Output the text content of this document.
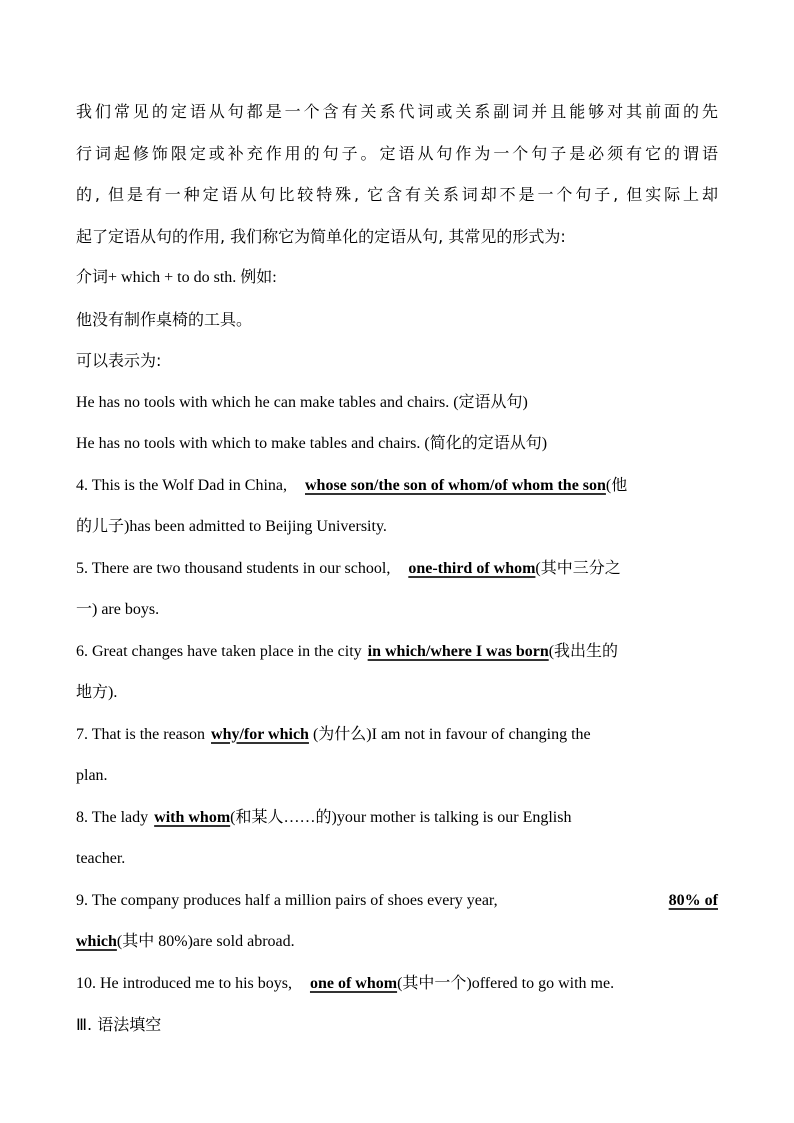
我们常见的定语从句都是一个含有关系代词或关系副词并且能够对其前面的先
行词起修饰限定或补充作用的句子。定语从句作为一个句子是必须有它的谓语
的, 但是有一种定语从句比较特殊, 它含有关系词却不是一个句子, 但实际上却
起了定语从句的作用, 我们称它为简单化的定语从句, 其常见的形式为:
介词+ which + to do sth. 例如:
他没有制作桌椅的工具。
可以表示为:
He has no tools with which he can make tables and chairs. (定语从句)
He has no tools with which to make tables and chairs. (简化的定语从句)
4. This is the Wolf Dad in China, whose son/the son of whom/of whom the son(他
的儿子)has been admitted to Beijing University.
5. There are two thousand students in our school, one-third of whom(其中三分之
一) are boys.
6. Great changes have taken place in the city in which/where I was born(我出生的
地方).
7. That is the reason why/for which (为什么)I am not in favour of changing the
plan.
8. The lady with whom(和某人……的)your mother is talking is our English
teacher.
9. The company produces half a million pairs of shoes every year,	80% of
which(其中 80%)are sold abroad.
10. He introduced me to his boys, one of whom(其中一个)offered to go with me.
Ⅲ. 语法填空
